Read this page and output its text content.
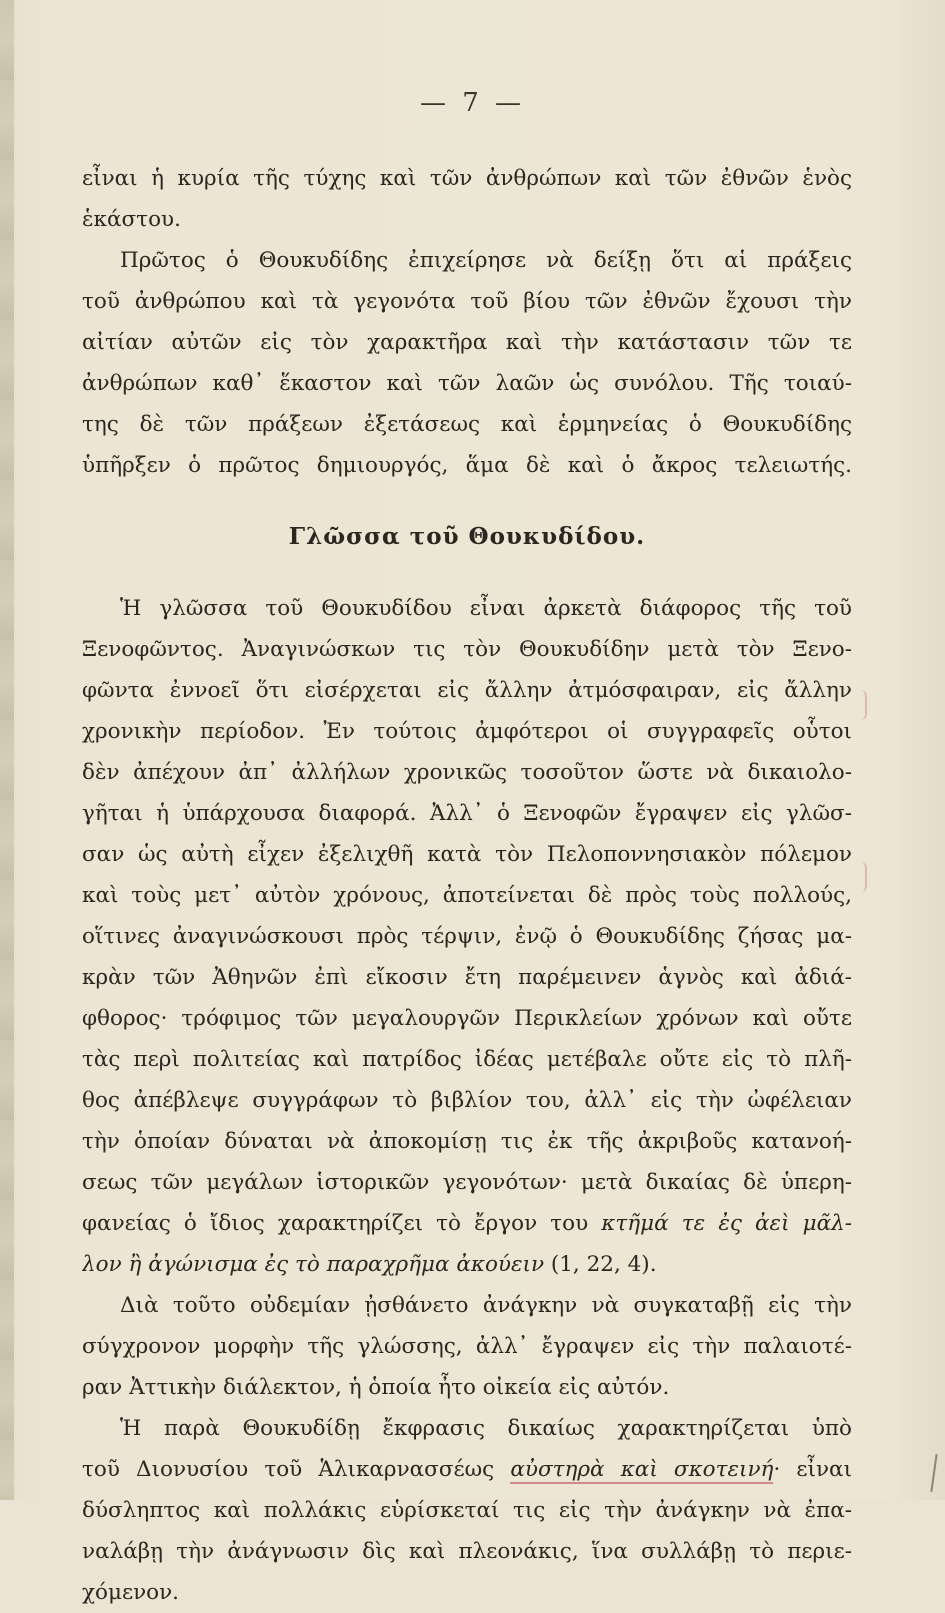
— 7 —
εἶναι ἡ κυρία τῆς τύχης καὶ τῶν ἀνθρώπων καὶ τῶν ἐθνῶν ἑνὸς
ἑκάστου.
Πρῶτος ὁ Θουκυδίδης ἐπιχείρησε νὰ δείξῃ ὅτι αἱ πράξεις
τοῦ ἀνθρώπου καὶ τὰ γεγονότα τοῦ βίου τῶν ἐθνῶν ἔχουσι τὴν
αἰτίαν αὐτῶν εἰς τὸν χαρακτῆρα καὶ τὴν κατάστασιν τῶν τε
ἀνθρώπων καθ᾽ ἕκαστον καὶ τῶν λαῶν ὡς συνόλου. Τῆς τοιαύ-
της δὲ τῶν πράξεων ἐξετάσεως καὶ ἑρμηνείας ὁ Θουκυδίδης
ὑπῆρξεν ὁ πρῶτος δημιουργός, ἅμα δὲ καὶ ὁ ἄκρος τελειωτής.
Γλῶσσα τοῦ Θουκυδίδου.
Ἡ γλῶσσα τοῦ Θουκυδίδου εἶναι ἀρκετὰ διάφορος τῆς τοῦ
Ξενοφῶντος. Ἀναγινώσκων τις τὸν Θουκυδίδην μετὰ τὸν Ξενο-
φῶντα ἐννοεῖ ὅτι εἰσέρχεται εἰς ἄλλην ἀτμόσφαιραν, εἰς ἄλλην
χρονικὴν περίοδον. Ἐν τούτοις ἀμφότεροι οἱ συγγραφεῖς οὗτοι
δὲν ἀπέχουν ἀπ᾽ ἀλλήλων χρονικῶς τοσοῦτον ὥστε νὰ δικαιολο-
γῆται ἡ ὑπάρχουσα διαφορά. Ἀλλ᾽ ὁ Ξενοφῶν ἔγραψεν εἰς γλῶσ-
σαν ὡς αὐτὴ εἶχεν ἐξελιχθῆ κατὰ τὸν Πελοποννησιακὸν πόλεμον
καὶ τοὺς μετ᾽ αὐτὸν χρόνους, ἀποτείνεται δὲ πρὸς τοὺς πολλούς,
οἵτινες ἀναγινώσκουσι πρὸς τέρψιν, ἐνῷ ὁ Θουκυδίδης ζήσας μα-
κρὰν τῶν Ἀθηνῶν ἐπὶ εἴκοσιν ἔτη παρέμεινεν ἁγνὸς καὶ ἀδιά-
φθορος· τρόφιμος τῶν μεγαλουργῶν Περικλείων χρόνων καὶ οὔτε
τὰς περὶ πολιτείας καὶ πατρίδος ἰδέας μετέβαλε οὔτε εἰς τὸ πλῆ-
θος ἀπέβλεψε συγγράφων τὸ βιβλίον του, ἀλλ᾽ εἰς τὴν ὠφέλειαν
τὴν ὁποίαν δύναται νὰ ἀποκομίσῃ τις ἐκ τῆς ἀκριβοῦς κατανοή-
σεως τῶν μεγάλων ἱστορικῶν γεγονότων· μετὰ δικαίας δὲ ὑπερη-
φανείας ὁ ἴδιος χαρακτηρίζει τὸ ἔργον του κτῆμά τε ἐς ἀεὶ μᾶλ-
λον ἢ ἀγώνισμα ἐς τὸ παραχρῆμα ἀκούειν (1, 22, 4).
Διὰ τοῦτο οὐδεμίαν ᾐσθάνετο ἀνάγκην νὰ συγκαταβῇ εἰς τὴν
σύγχρονον μορφὴν τῆς γλώσσης, ἀλλ᾽ ἔγραψεν εἰς τὴν παλαιοτέ-
ραν Ἀττικὴν διάλεκτον, ἡ ὁποία ἦτο οἰκεία εἰς αὐτόν.
Ἡ παρὰ Θουκυδίδῃ ἔκφρασις δικαίως χαρακτηρίζεται ὑπὸ
τοῦ Διονυσίου τοῦ Ἁλικαρνασσέως αὐστηρὰ καὶ σκοτεινή· εἶναι
δύσληπτος καὶ πολλάκις εὑρίσκεταί τις εἰς τὴν ἀνάγκην νὰ ἐπα-
ναλάβῃ τὴν ἀνάγνωσιν δὶς καὶ πλεονάκις, ἵνα συλλάβῃ τὸ περιε-
χόμενον.
